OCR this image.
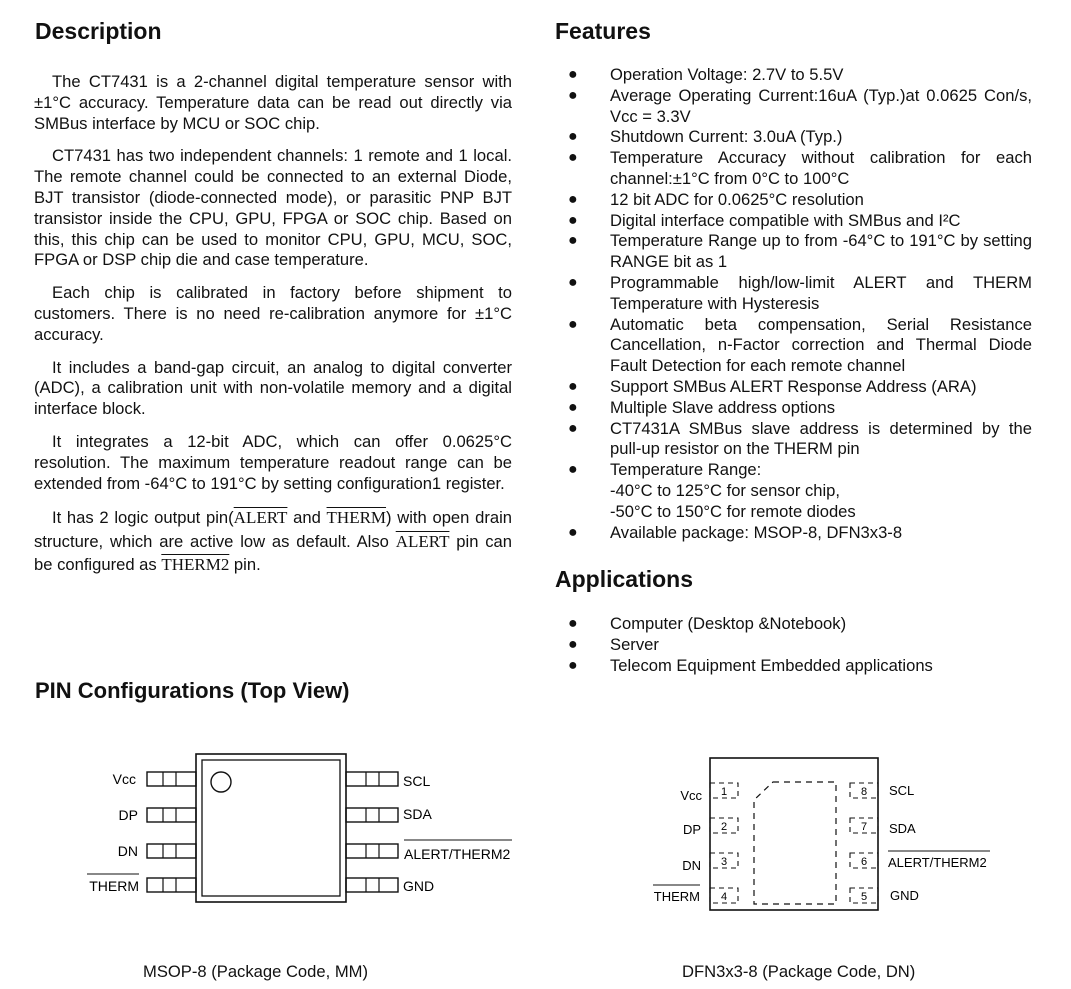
Description

The CT7431 is a 2-channel digital temperature sensor with ±1°C accuracy. Temperature data can be read out directly via SMBus interface by MCU or SOC chip.

CT7431 has two independent channels: 1 remote and 1 local. The remote channel could be connected to an external Diode, BJT transistor (diode-connected mode), or parasitic PNP BJT transistor inside the CPU, GPU, FPGA or SOC chip. Based on this, this chip can be used to monitor CPU, GPU, MCU, SOC, FPGA or DSP chip die and case temperature.

Each chip is calibrated in factory before shipment to customers. There is no need re-calibration anymore for ±1°C accuracy.

It includes a band-gap circuit, an analog to digital converter (ADC), a calibration unit with non-volatile memory and a digital interface block.

It integrates a 12-bit ADC, which can offer 0.0625°C resolution. The maximum temperature readout range can be extended from -64°C to 191°C by setting configuration1 register.

It has 2 logic output pin(ALERT and THERM) with open drain structure, which are active low as default. Also ALERT pin can be configured as THERM2 pin.

Features
● Operation Voltage: 2.7V to 5.5V
● Average Operating Current:16uA (Typ.)at 0.0625 Con/s, Vcc = 3.3V
● Shutdown Current: 3.0uA (Typ.)
● Temperature Accuracy without calibration for each channel:±1°C from 0°C to 100°C
● 12 bit ADC for 0.0625°C resolution
● Digital interface compatible with SMBus and I²C
● Temperature Range up to from -64°C to 191°C by setting RANGE bit as 1
● Programmable high/low-limit ALERT and THERM Temperature with Hysteresis
● Automatic beta compensation, Serial Resistance Cancellation, n-Factor correction and Thermal Diode Fault Detection for each remote channel
● Support SMBus ALERT Response Address (ARA)
● Multiple Slave address options
● CT7431A SMBus slave address is determined by the pull-up resistor on the THERM pin
● Temperature Range:
-40°C to 125°C for sensor chip,
-50°C to 150°C for remote diodes
● Available package: MSOP-8, DFN3x3-8
Applications
● Computer (Desktop &Notebook)
● Server
● Telecom Equipment Embedded applications
PIN Configurations (Top View)
Vcc
DP
DN
THERM
SCL
SDA
ALERT/THERM2
GND
MSOP-8 (Package Code, MM)
1
2
3
4
8
7
6
5
Vcc
DP
DN
THERM
SCL
SDA
ALERT/THERM2
GND
DFN3x3-8 (Package Code, DN)
